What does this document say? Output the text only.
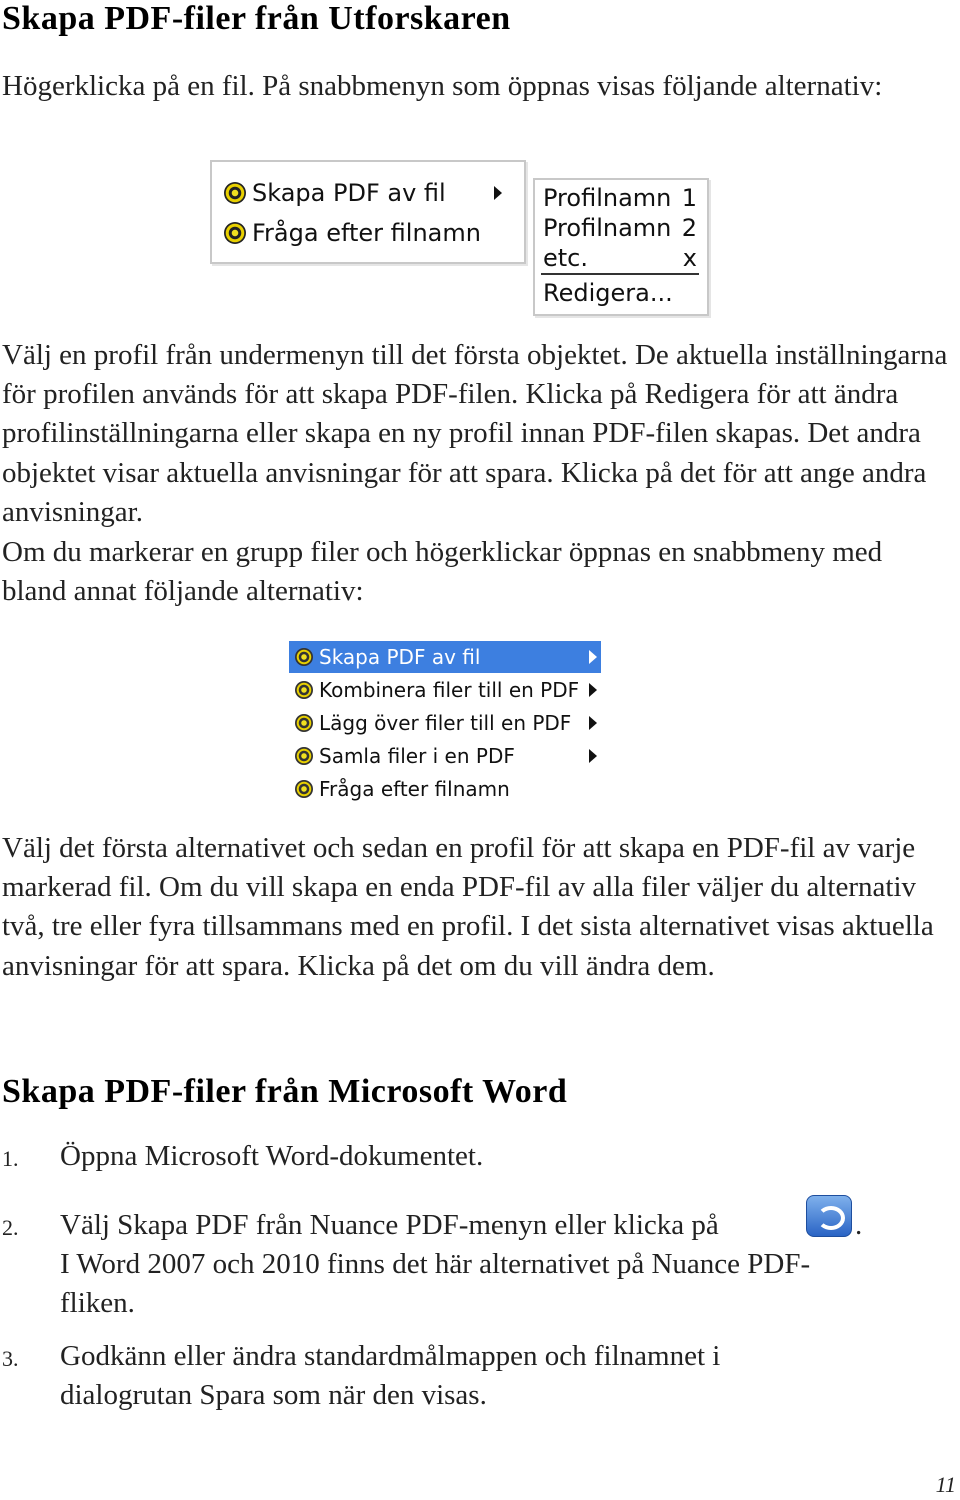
Skapa PDF-filer från Utforskaren

Högerklicka på en fil. På snabbmenyn som öppnas visas följande alternativ:

Skapa PDF av fil
Fråga efter filnamn
Profilnamn 1
Profilnamn 2
etc.	x
Redigera...

Välj en profil från undermenyn till det första objektet. De aktuella inställningarna för profilen används för att skapa PDF-filen. Klicka på Redigera för att ändra profilinställningarna eller skapa en ny profil innan PDF-filen skapas. Det andra objektet visar aktuella anvisningar för att spara. Klicka på det för att ange andra anvisningar.

Om du markerar en grupp filer och högerklickar öppnas en snabbmeny med bland annat följande alternativ:

Skapa PDF av fil
Kombinera filer till en PDF
Lägg över filer till en PDF
Samla filer i en PDF
Fråga efter filnamn

Välj det första alternativet och sedan en profil för att skapa en PDF-fil av varje markerad fil. Om du vill skapa en enda PDF-fil av alla filer väljer du alternativ två, tre eller fyra tillsammans med en profil. I det sista alternativet visas aktuella anvisningar för att spara. Klicka på det om du vill ändra dem.

Skapa PDF-filer från Microsoft Word
1. Öppna Microsoft Word-dokumentet.

2. Välj Skapa PDF från Nuance PDF-menyn eller klicka på	.

I Word 2007 och 2010 finns det här alternativet på Nuance PDF-fliken.

3. Godkänn eller ändra standardmålmappen och filnamnet i dialogrutan Spara som när den visas.

11
